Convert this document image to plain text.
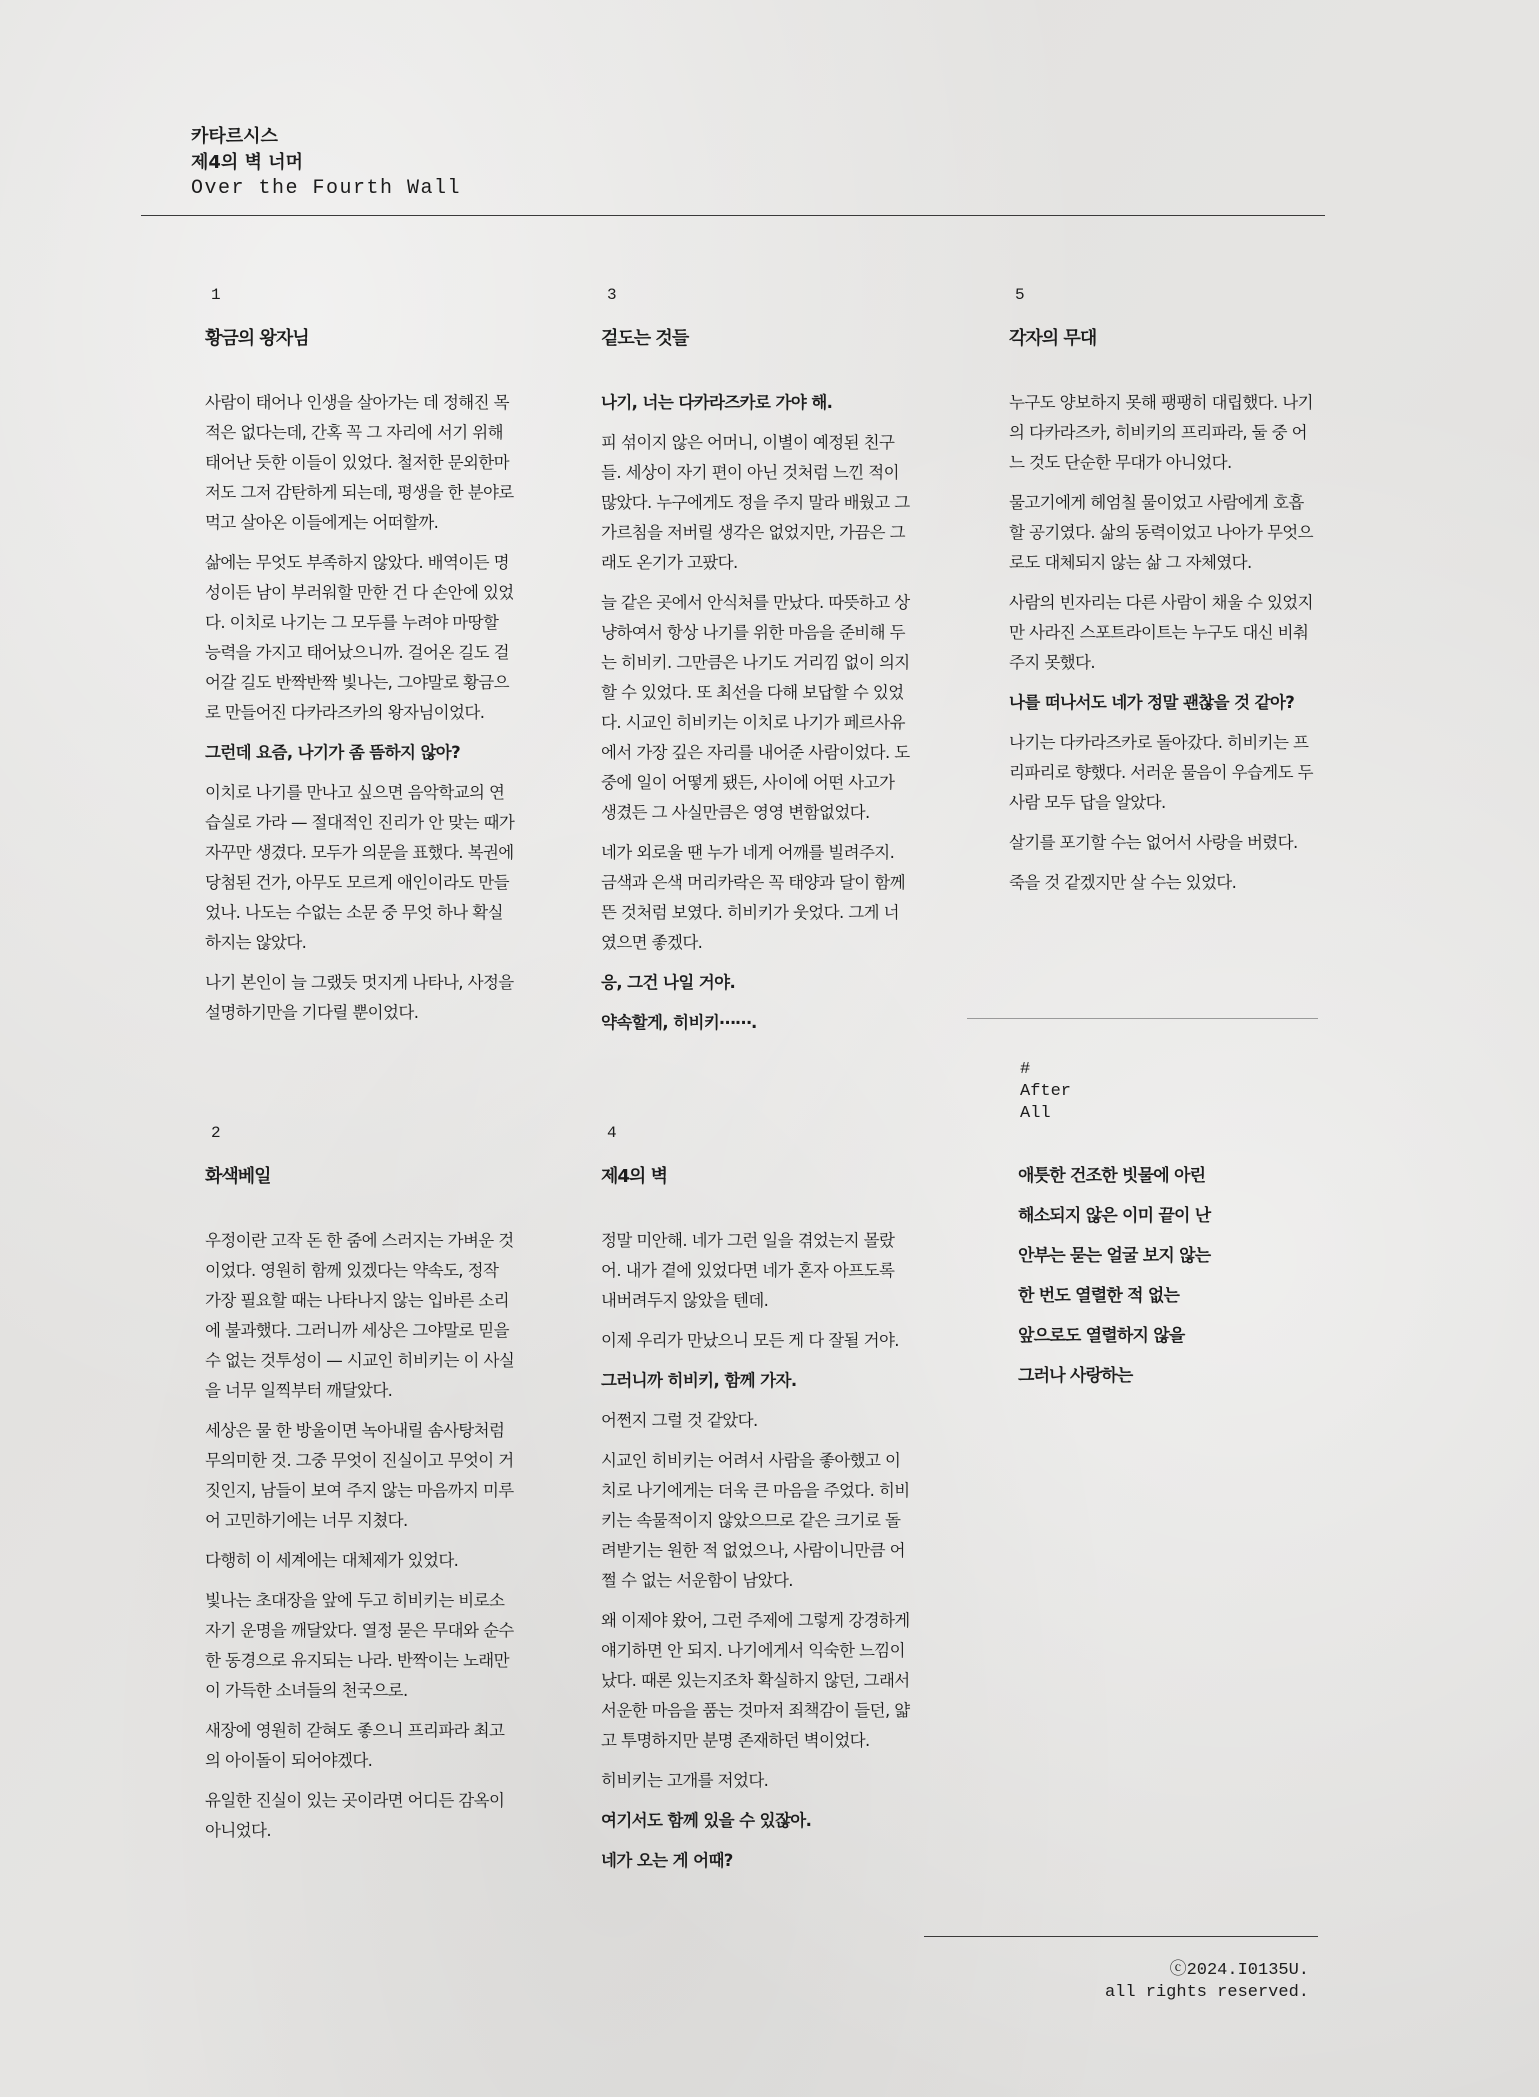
카타르시스
제4의 벽 너머
Over the Fourth Wall
1
황금의 왕자님

사람이 태어나 인생을 살아가는 데 정해진 목적은 없다는데, 간혹 꼭 그 자리에 서기 위해 태어난 듯한 이들이 있었다. 철저한 문외한마저도 그저 감탄하게 되는데, 평생을 한 분야로 먹고 살아온 이들에게는 어떠할까.

삶에는 무엇도 부족하지 않았다. 배역이든 명성이든 남이 부러워할 만한 건 다 손안에 있었다. 이치로 나기는 그 모두를 누려야 마땅할 능력을 가지고 태어났으니까. 걸어온 길도 걸어갈 길도 반짝반짝 빛나는, 그야말로 황금으로 만들어진 다카라즈카의 왕자님이었다.

그런데 요즘, 나기가 좀 뜸하지 않아?

이치로 나기를 만나고 싶으면 음악학교의 연습실로 가라 — 절대적인 진리가 안 맞는 때가 자꾸만 생겼다. 모두가 의문을 표했다. 복권에 당첨된 건가, 아무도 모르게 애인이라도 만들었나. 나도는 수없는 소문 중 무엇 하나 확실하지는 않았다.

나기 본인이 늘 그랬듯 멋지게 나타나, 사정을 설명하기만을 기다릴 뿐이었다.

3
겉도는 것들

나기, 너는 다카라즈카로 가야 해.

피 섞이지 않은 어머니, 이별이 예정된 친구들. 세상이 자기 편이 아닌 것처럼 느낀 적이 많았다. 누구에게도 정을 주지 말라 배웠고 그 가르침을 저버릴 생각은 없었지만, 가끔은 그래도 온기가 고팠다.

늘 같은 곳에서 안식처를 만났다. 따뜻하고 상냥하여서 항상 나기를 위한 마음을 준비해 두는 히비키. 그만큼은 나기도 거리낌 없이 의지할 수 있었다. 또 최선을 다해 보답할 수 있었다. 시교인 히비키는 이치로 나기가 페르사유에서 가장 깊은 자리를 내어준 사람이었다. 도중에 일이 어떻게 됐든, 사이에 어떤 사고가 생겼든 그 사실만큼은 영영 변함없었다.

네가 외로울 땐 누가 네게 어깨를 빌려주지. 금색과 은색 머리카락은 꼭 태양과 달이 함께 뜬 것처럼 보였다. 히비키가 웃었다. 그게 너였으면 좋겠다.

응, 그건 나일 거야.

약속할게, 히비키⋯⋯.

5
각자의 무대

누구도 양보하지 못해 팽팽히 대립했다. 나기의 다카라즈카, 히비키의 프리파라, 둘 중 어느 것도 단순한 무대가 아니었다.

물고기에게 헤엄칠 물이었고 사람에게 호흡할 공기였다. 삶의 동력이었고 나아가 무엇으로도 대체되지 않는 삶 그 자체였다.

사람의 빈자리는 다른 사람이 채울 수 있었지만 사라진 스포트라이트는 누구도 대신 비춰 주지 못했다.

나를 떠나서도 네가 정말 괜찮을 것 같아?

나기는 다카라즈카로 돌아갔다. 히비키는 프리파리로 향했다. 서러운 물음이 우습게도 두 사람 모두 답을 알았다.

살기를 포기할 수는 없어서 사랑을 버렸다.

죽을 것 같겠지만 살 수는 있었다.

2
화색베일

우정이란 고작 돈 한 줌에 스러지는 가벼운 것이었다. 영원히 함께 있겠다는 약속도, 정작 가장 필요할 때는 나타나지 않는 입바른 소리에 불과했다. 그러니까 세상은 그야말로 믿을 수 없는 것투성이 — 시교인 히비키는 이 사실을 너무 일찍부터 깨달았다.

세상은 물 한 방울이면 녹아내릴 솜사탕처럼 무의미한 것. 그중 무엇이 진실이고 무엇이 거짓인지, 남들이 보여 주지 않는 마음까지 미루어 고민하기에는 너무 지쳤다.

다행히 이 세계에는 대체제가 있었다.

빛나는 초대장을 앞에 두고 히비키는 비로소 자기 운명을 깨달았다. 열정 묻은 무대와 순수한 동경으로 유지되는 나라. 반짝이는 노래만이 가득한 소녀들의 천국으로.

새장에 영원히 갇혀도 좋으니 프리파라 최고의 아이돌이 되어야겠다.

유일한 진실이 있는 곳이라면 어디든 감옥이 아니었다.

4
제4의 벽

정말 미안해. 네가 그런 일을 겪었는지 몰랐어. 내가 곁에 있었다면 네가 혼자 아프도록 내버려두지 않았을 텐데.

이제 우리가 만났으니 모든 게 다 잘될 거야.

그러니까 히비키, 함께 가자.

어쩐지 그럴 것 같았다.

시교인 히비키는 어려서 사람을 좋아했고 이치로 나기에게는 더욱 큰 마음을 주었다. 히비키는 속물적이지 않았으므로 같은 크기로 돌려받기는 원한 적 없었으나, 사람이니만큼 어쩔 수 없는 서운함이 남았다.

왜 이제야 왔어, 그런 주제에 그렇게 강경하게 얘기하면 안 되지. 나기에게서 익숙한 느낌이 났다. 때론 있는지조차 확실하지 않던, 그래서 서운한 마음을 품는 것마저 죄책감이 들던, 얇고 투명하지만 분명 존재하던 벽이었다.

히비키는 고개를 저었다.

여기서도 함께 있을 수 있잖아.

네가 오는 게 어때?

#
After
All

애틋한 건조한 빗물에 아린

해소되지 않은 이미 끝이 난

안부는 묻는 얼굴 보지 않는

한 번도 열렬한 적 없는

앞으로도 열렬하지 않을

그러나 사랑하는

ⓒ2024.I0135U.
all rights reserved.
